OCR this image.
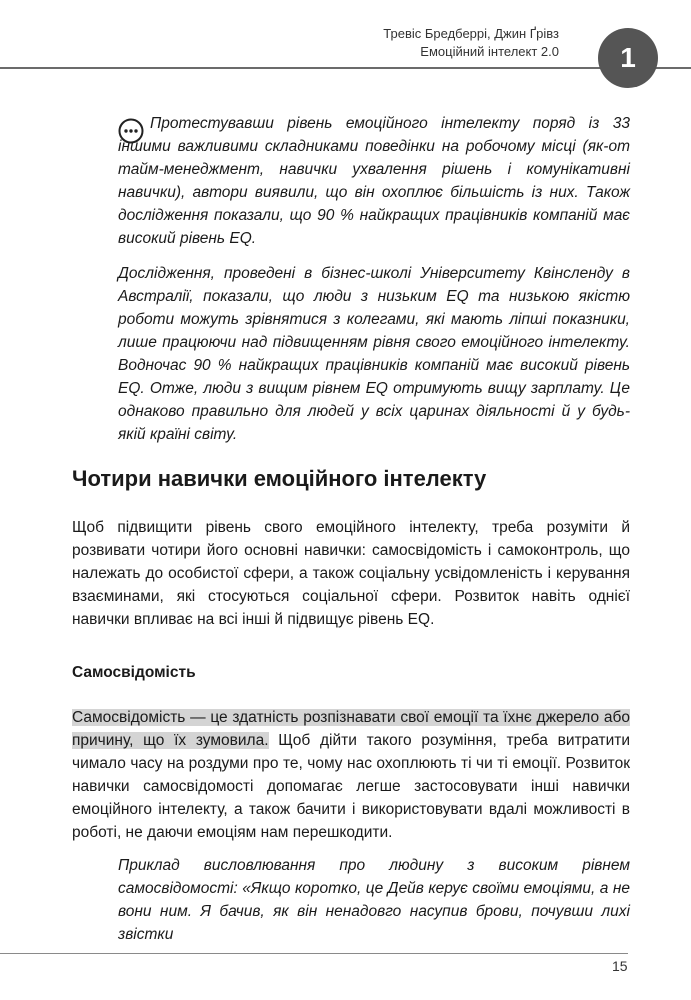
Тревіс Бредберрі, Джин Ґрівз
Емоційний інтелект 2.0	1

Протестувавши рівень емоційного інтелекту поряд із 33 іншими важливими складниками поведінки на робочому місці (як-от тайм-менеджмент, навички ухвалення рішень і комунікативні навички), автори виявили, що він охоплює більшість із них. Також дослідження показали, що 90 % найкращих працівників компаній має високий рівень EQ.

Дослідження, проведені в бізнес-школі Університету Квінсленду в Австралії, показали, що люди з низьким EQ та низькою якістю роботи можуть зрівнятися з колегами, які мають ліпші показники, лише працюючи над підвищенням рівня свого емоційного інтелекту. Водночас 90 % найкращих працівників компаній має високий рівень EQ. Отже, люди з вищим рівнем EQ отримують вищу зарплату. Це однаково правильно для людей у всіх царинах діяльності й у будь-якій країні світу.

Чотири навички емоційного інтелекту

Щоб підвищити рівень свого емоційного інтелекту, треба розуміти й розвивати чотири його основні навички: самосвідомість і самоконтроль, що належать до особистої сфери, а також соціальну усвідомленість і керування взаєминами, які стосуються соціальної сфери. Розвиток навіть однієї навички впливає на всі інші й підвищує рівень EQ.

Самосвідомість

Самосвідомість — це здатність розпізнавати свої емоції та їхнє джерело або причину, що їх зумовила. Щоб дійти такого розуміння, треба витратити чимало часу на роздуми про те, чому нас охоплюють ті чи ті емоції. Розвиток навички самосвідомості допомагає легше застосовувати інші навички емоційного інтелекту, а також бачити і використовувати вдалі можливості в роботі, не даючи емоціям нам перешкодити.

Приклад висловлювання про людину з високим рівнем самосвідомості: «Якщо коротко, це Дейв керує своїми емоціями, а не вони ним. Я бачив, як він ненадовго насупив брови, почувши лихі звістки

15
